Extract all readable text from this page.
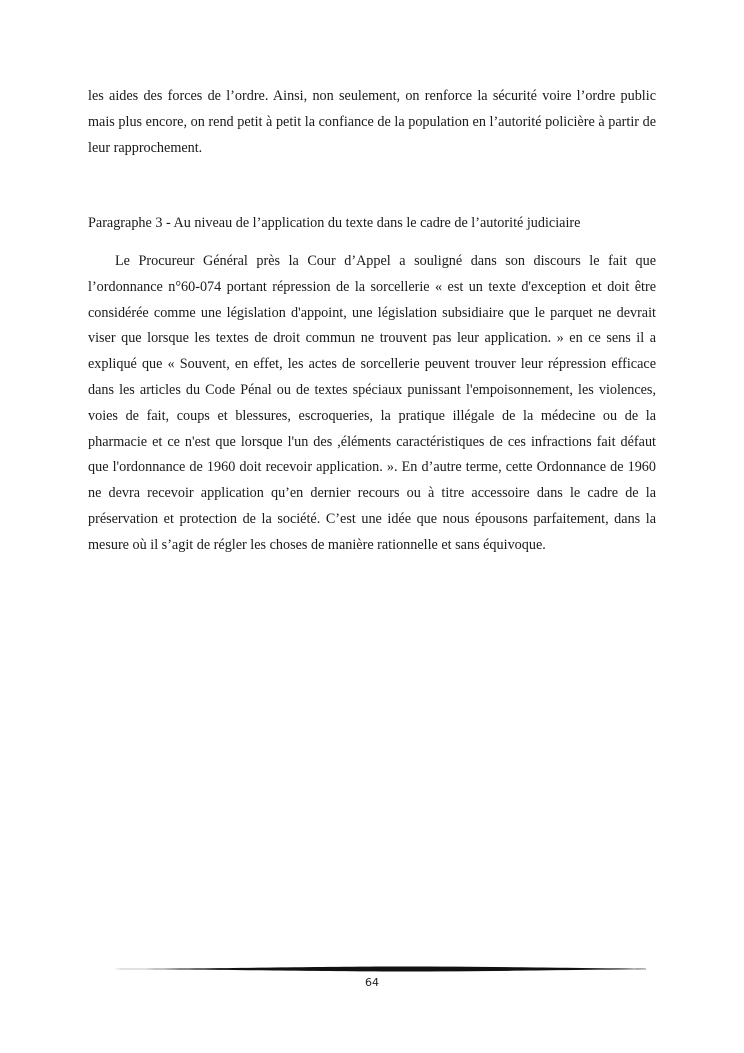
les aides des forces de l’ordre. Ainsi, non seulement, on renforce la sécurité voire l’ordre public mais plus encore, on rend petit à petit la confiance de la population en l’autorité policière à partir de leur rapprochement.

Paragraphe 3 - Au niveau de l’application du texte dans le cadre de l’autorité judiciaire

Le Procureur Général près la Cour d’Appel a souligné dans son discours le fait que l’ordonnance n°60-074 portant répression de la sorcellerie « est un texte d'exception et doit être considérée comme une législation d'appoint, une législation subsidiaire que le parquet ne devrait viser que lorsque les textes de droit commun ne trouvent pas leur application. » en ce sens il a expliqué que « Souvent, en effet, les actes de sorcellerie peuvent trouver leur répression efficace dans les articles du Code Pénal ou de textes spéciaux punissant l'empoisonnement, les violences, voies de fait, coups et blessures, escroqueries, la pratique illégale de la médecine ou de la pharmacie et ce n'est que lorsque l'un des ,éléments caractéristiques de ces infractions fait défaut que l'ordonnance de 1960 doit recevoir application. ». En d’autre terme, cette Ordonnance de 1960 ne devra recevoir application qu’en dernier recours ou à titre accessoire dans le cadre de la préservation et protection de la société. C’est une idée que nous épousons parfaitement, dans la mesure où il s’agit de régler les choses de manière rationnelle et sans équivoque.

64
